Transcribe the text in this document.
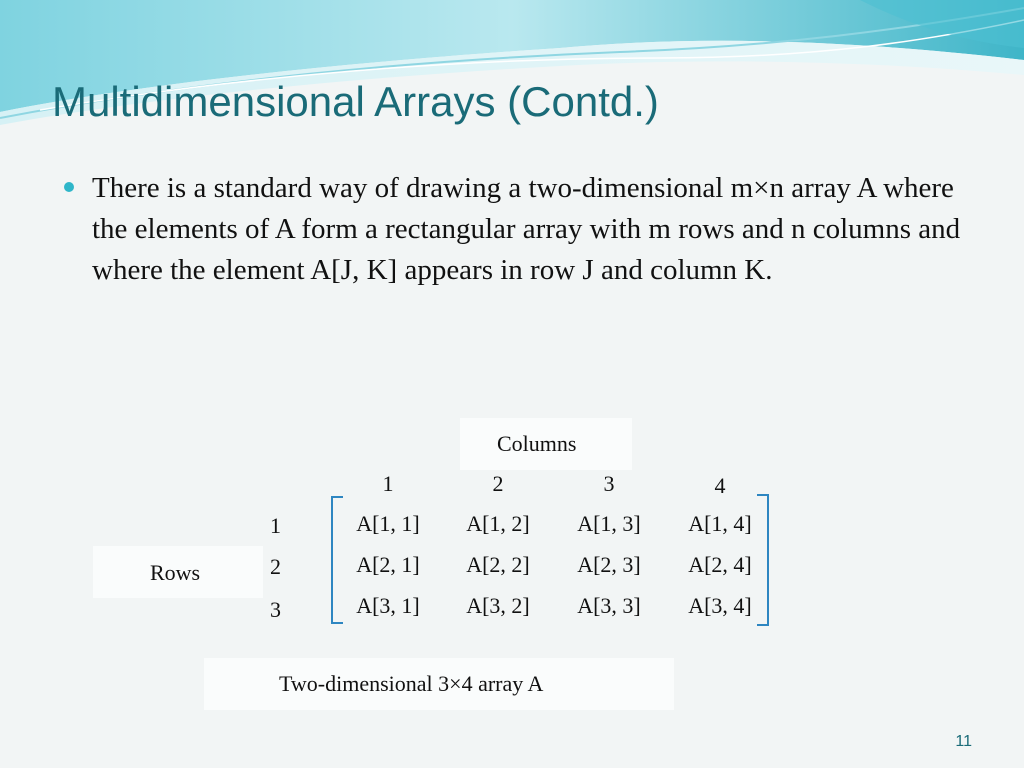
Multidimensional Arrays (Contd.)
There is a standard way of drawing a two-dimensional m×n array A where the elements of A form a rectangular array with m rows and n columns and where the element A[J, K] appears in row J and column K.
Columns
Rows
Two-dimensional 3×4 array A
1	2	3	4
1
2
3
A[1, 1]	A[1, 2]	A[1, 3]	A[1, 4]
A[2, 1]	A[2, 2]	A[2, 3]	A[2, 4]
A[3, 1]	A[3, 2]	A[3, 3]	A[3, 4]
11
